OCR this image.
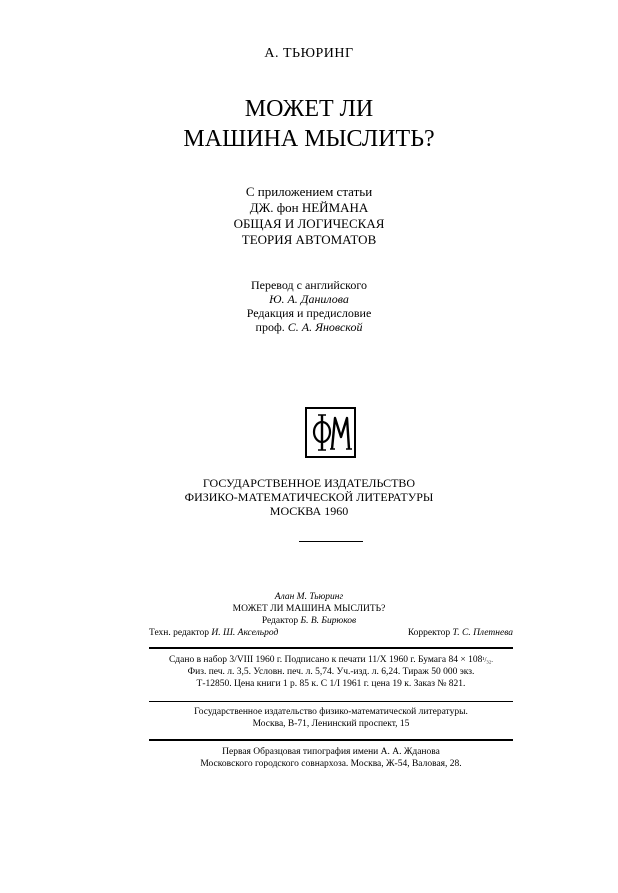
А. ТЬЮРИНГ
МОЖЕТ ЛИ
МАШИНА МЫСЛИТЬ?
С приложением статьи
ДЖ. фон НЕЙМАНА
ОБЩАЯ И ЛОГИЧЕСКАЯ
ТЕОРИЯ АВТОМАТОВ
Перевод с английского
Ю. А. Данилова
Редакция и предисловие
проф. С. А. Яновской
ГОСУДАРСТВЕННОЕ ИЗДАТЕЛЬСТВО
ФИЗИКО-МАТЕМАТИЧЕСКОЙ ЛИТЕРАТУРЫ
МОСКВА 1960
Алан М. Тьюринг
МОЖЕТ ЛИ МАШИНА МЫСЛИТЬ?
Редактор Б. В. Бирюков
Техн. редактор И. Ш. Аксельрод	Корректор Т. С. Плетнева
Сдано в набор 3/VIII 1960 г. Подписано к печати 11/X 1960 г. Бумага 84 × 108¹/₃₂.
Физ. печ. л. 3,5. Условн. печ. л. 5,74. Уч.-изд. л. 6,24. Тираж 50 000 экз.
Т-12850. Цена книги 1 р. 85 к. С 1/I 1961 г. цена 19 к. Заказ № 821.
Государственное издательство физико-математической литературы.
Москва, В-71, Ленинский проспект, 15
Первая Образцовая типография имени А. А. Жданова
Московского городского совнархоза. Москва, Ж-54, Валовая, 28.
